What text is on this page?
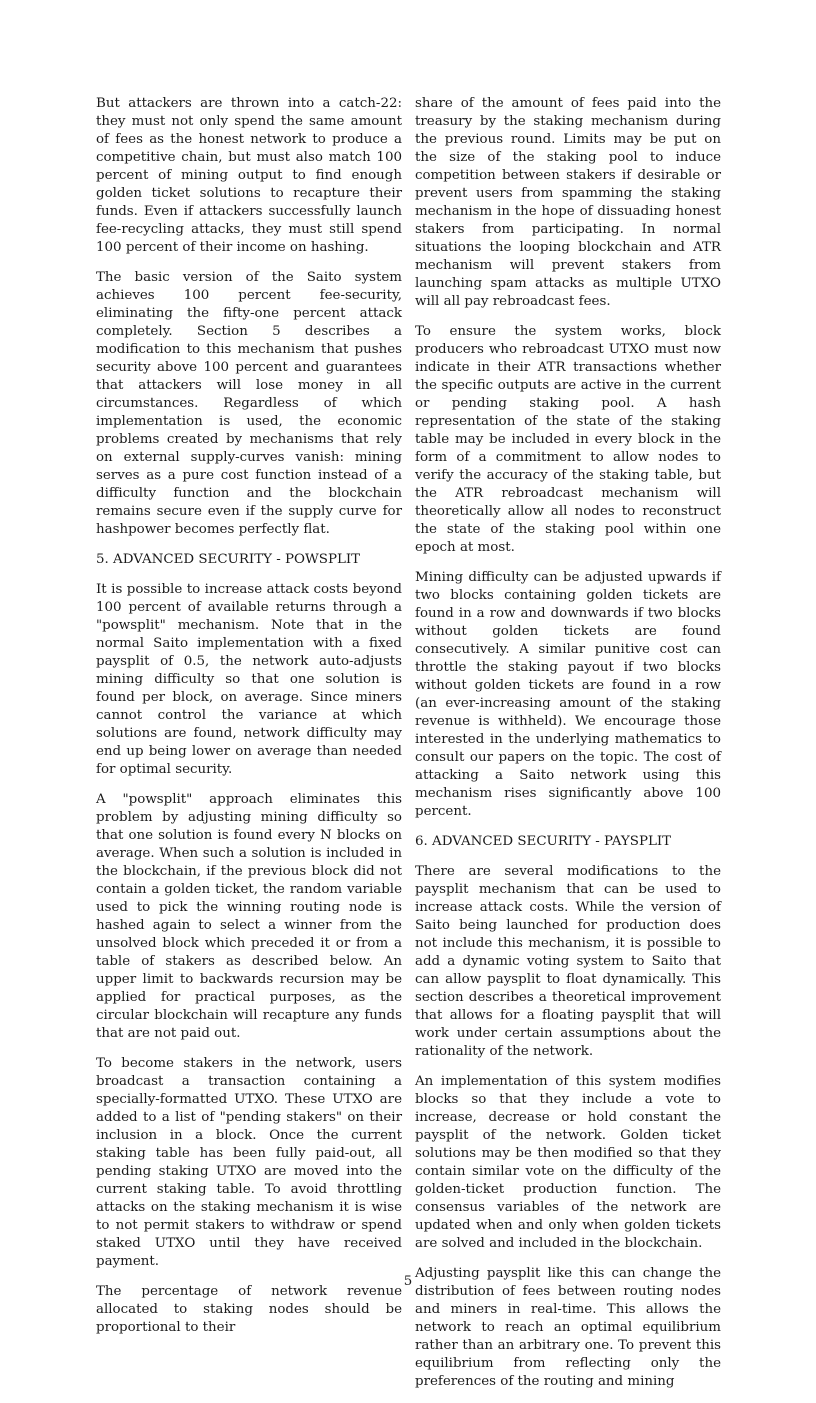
But attackers are thrown into a catch-22: they must not only spend the same amount of fees as the honest network to produce a competitive chain, but must also match 100 percent of mining output to find enough golden ticket solutions to recapture their funds. Even if attackers successfully launch fee-recycling attacks, they must still spend 100 percent of their income on hashing.

The basic version of the Saito system achieves 100 percent fee-security, eliminating the fifty-one percent attack completely. Section 5 describes a modification to this mechanism that pushes security above 100 percent and guarantees that attackers will lose money in all circumstances. Regardless of which implementation is used, the economic problems created by mechanisms that rely on external supply-curves vanish: mining serves as a pure cost function instead of a difficulty function and the blockchain remains secure even if the supply curve for hashpower becomes perfectly flat.

5. ADVANCED SECURITY - POWSPLIT

It is possible to increase attack costs beyond 100 percent of available returns through a "powsplit" mechanism. Note that in the normal Saito implementation with a fixed paysplit of 0.5, the network auto-adjusts mining difficulty so that one solution is found per block, on average. Since miners cannot control the variance at which solutions are found, network difficulty may end up being lower on average than needed for optimal security.

A "powsplit" approach eliminates this problem by adjusting mining difficulty so that one solution is found every N blocks on average. When such a solution is included in the blockchain, if the previous block did not contain a golden ticket, the random variable used to pick the winning routing node is hashed again to select a winner from the unsolved block which preceded it or from a table of stakers as described below. An upper limit to backwards recursion may be applied for practical purposes, as the circular blockchain will recapture any funds that are not paid out.

To become stakers in the network, users broadcast a transaction containing a specially-formatted UTXO. These UTXO are added to a list of "pending stakers" on their inclusion in a block. Once the current staking table has been fully paid-out, all pending staking UTXO are moved into the current staking table. To avoid throttling attacks on the staking mechanism it is wise to not permit stakers to withdraw or spend staked UTXO until they have received payment.

The percentage of network revenue allocated to staking nodes should be proportional to their

share of the amount of fees paid into the treasury by the staking mechanism during the previous round. Limits may be put on the size of the staking pool to induce competition between stakers if desirable or prevent users from spamming the staking mechanism in the hope of dissuading honest stakers from participating. In normal situations the looping blockchain and ATR mechanism will prevent stakers from launching spam attacks as multiple UTXO will all pay rebroadcast fees.

To ensure the system works, block producers who rebroadcast UTXO must now indicate in their ATR transactions whether the specific outputs are active in the current or pending staking pool. A hash representation of the state of the staking table may be included in every block in the form of a commitment to allow nodes to verify the accuracy of the staking table, but the ATR rebroadcast mechanism will theoretically allow all nodes to reconstruct the state of the staking pool within one epoch at most.

Mining difficulty can be adjusted upwards if two blocks containing golden tickets are found in a row and downwards if two blocks without golden tickets are found consecutively. A similar punitive cost can throttle the staking payout if two blocks without golden tickets are found in a row (an ever-increasing amount of the staking revenue is withheld). We encourage those interested in the underlying mathematics to consult our papers on the topic. The cost of attacking a Saito network using this mechanism rises significantly above 100 percent.

6. ADVANCED SECURITY - PAYSPLIT

There are several modifications to the paysplit mechanism that can be used to increase attack costs. While the version of Saito being launched for production does not include this mechanism, it is possible to add a dynamic voting system to Saito that can allow paysplit to float dynamically. This section describes a theoretical improvement that allows for a floating paysplit that will work under certain assumptions about the rationality of the network.

An implementation of this system modifies blocks so that they include a vote to increase, decrease or hold constant the paysplit of the network. Golden ticket solutions may be then modified so that they contain similar vote on the difficulty of the golden-ticket production function. The consensus variables of the network are updated when and only when golden tickets are solved and included in the blockchain.

Adjusting paysplit like this can change the distribution of fees between routing nodes and miners in real-time. This allows the network to reach an optimal equilibrium rather than an arbitrary one. To prevent this equilibrium from reflecting only the preferences of the routing and mining

5
